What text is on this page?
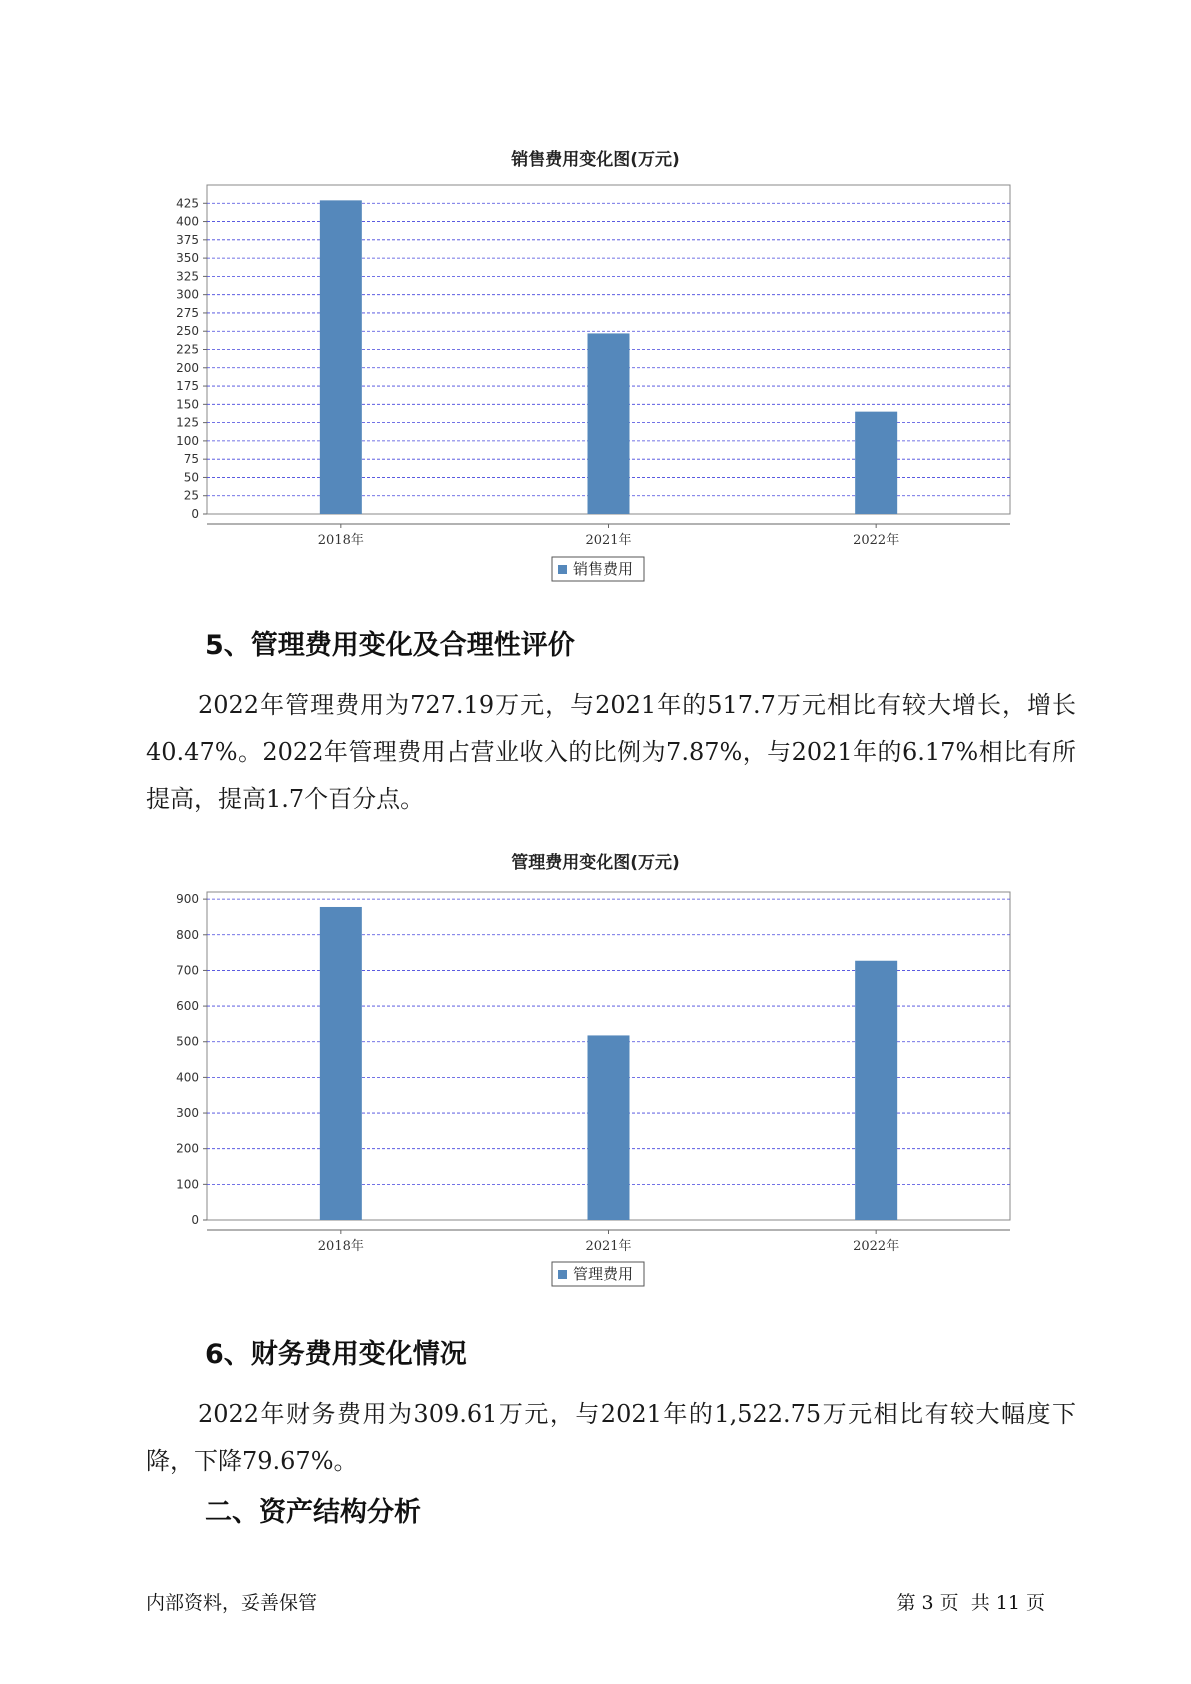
销售费用变化图(万元)
0
25
50
75
100
125
150
175
200
225
250
275
300
325
350
375
400
425
2018年	2021年	2022年
销售费用
5、管理费用变化及合理性评价
2022年管理费用为727.19万元，与2021年的517.7万元相比有较大增长，增长40.47%。2022年管理费用占营业收入的比例为7.87%，与2021年的6.17%相比有所提高，提高1.7个百分点。
管理费用变化图(万元)
0
100
200
300
400
500
600
700
800
900
2018年	2021年	2022年
管理费用
6、财务费用变化情况
2022年财务费用为309.61万元，与2021年的1,522.75万元相比有较大幅度下降，下降79.67%。
二、资产结构分析
内部资料，妥善保管	第 3 页  共 11 页
